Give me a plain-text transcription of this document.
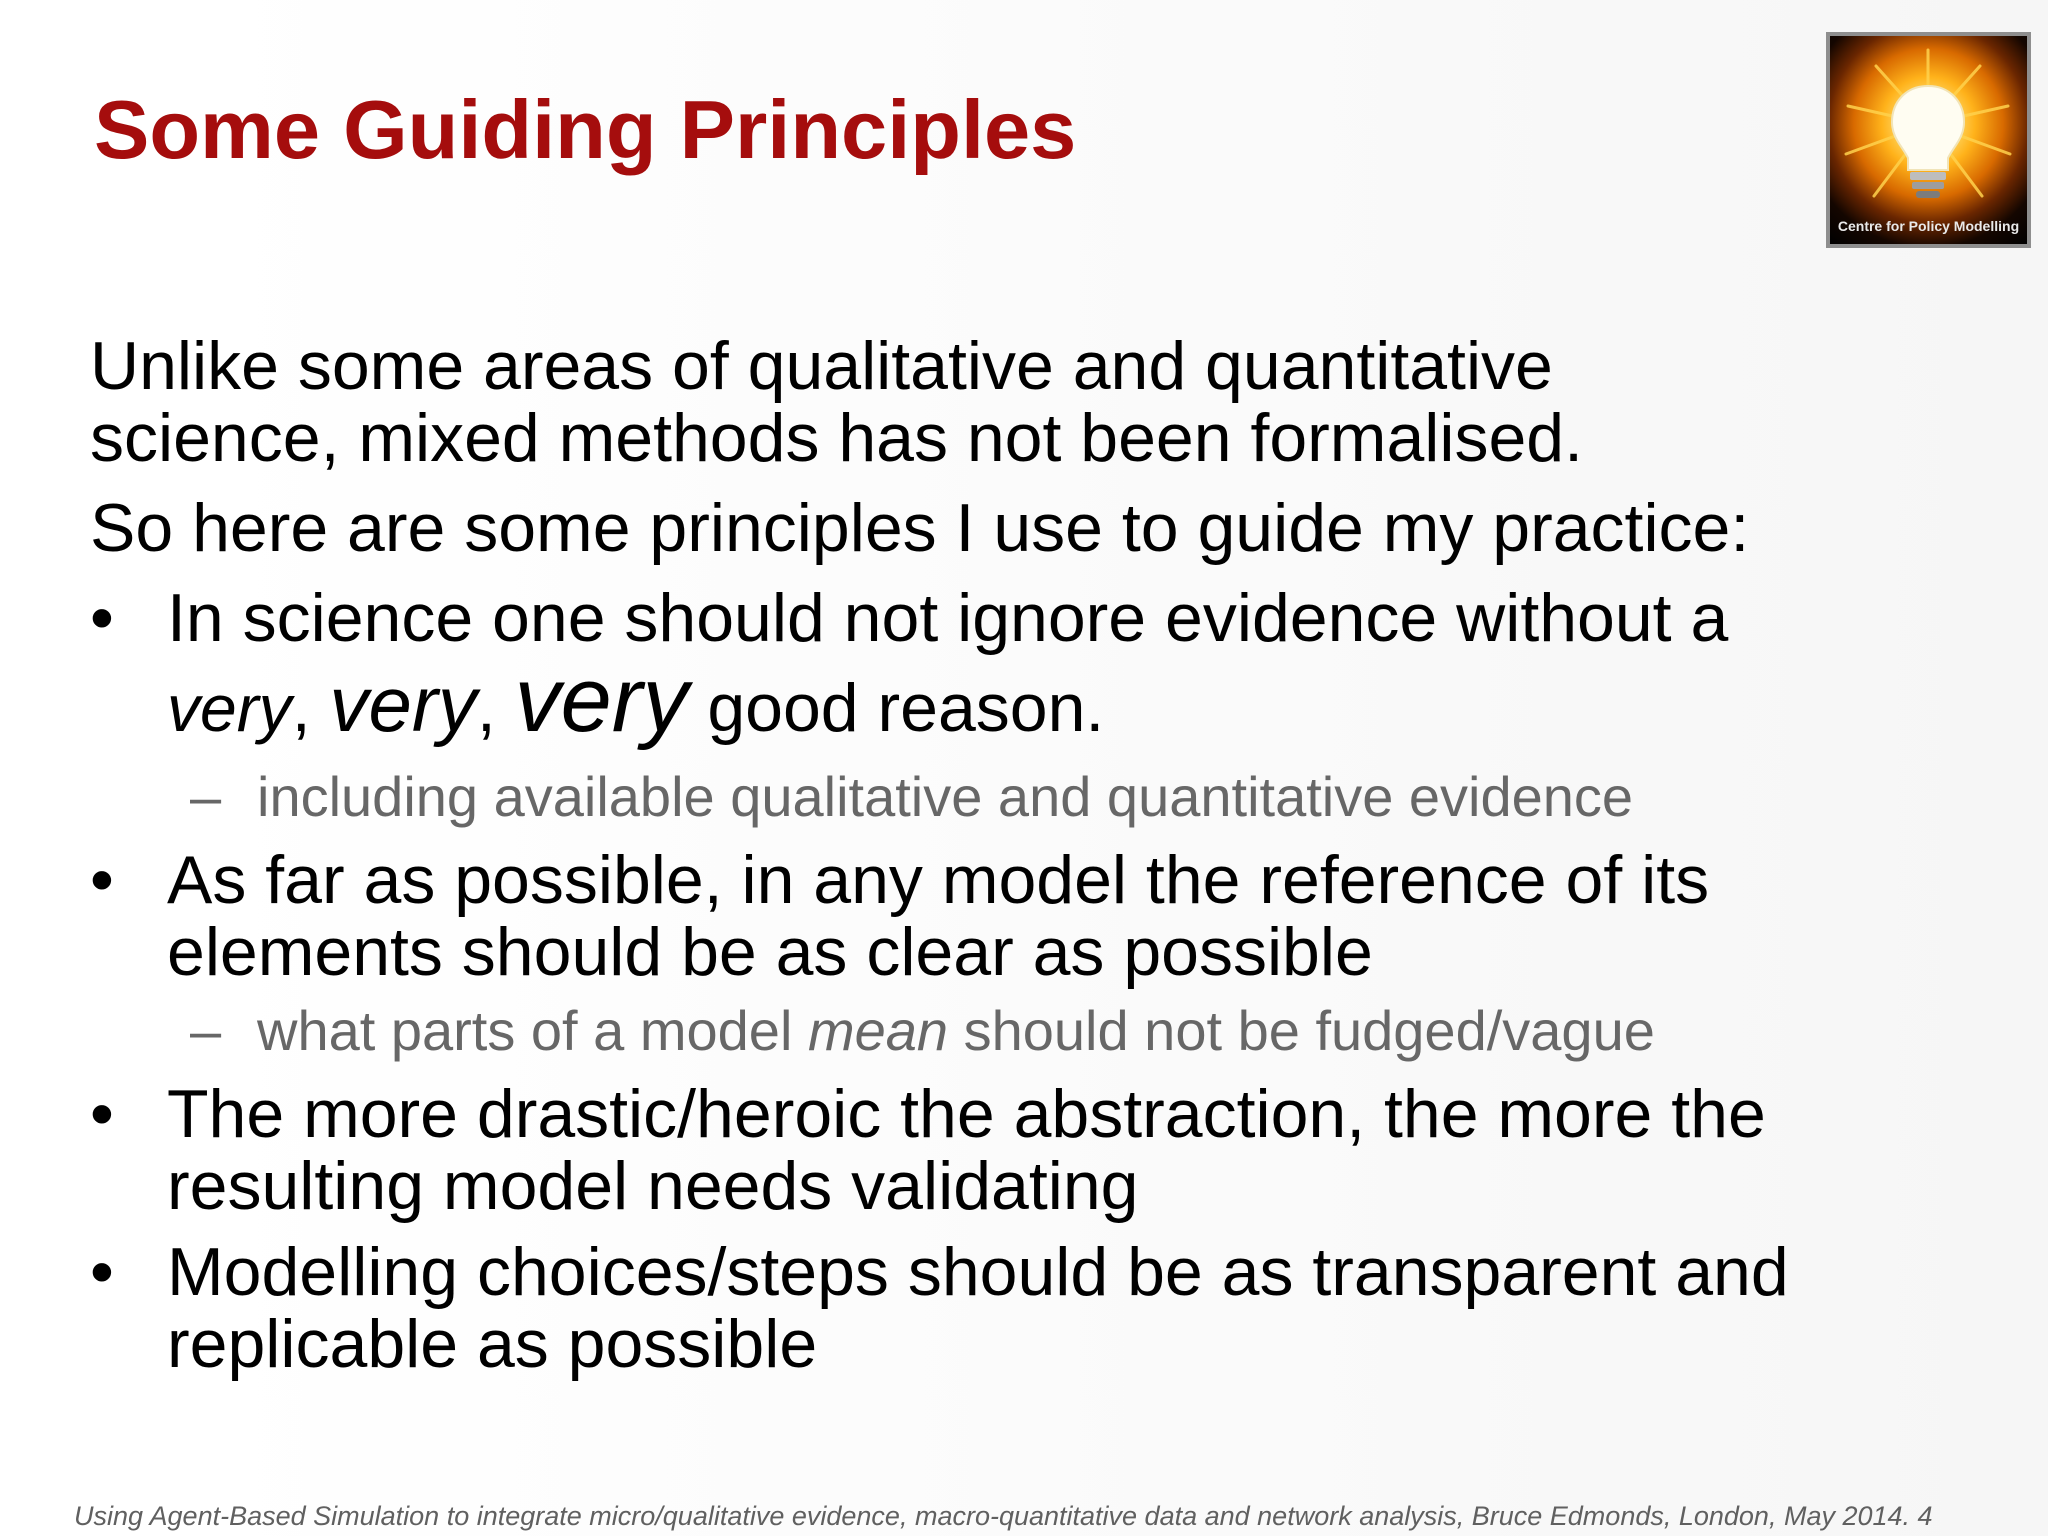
Some Guiding Principles
Centre for Policy Modelling
Unlike some areas of qualitative and quantitative
science, mixed methods has not been formalised.
So here are some principles I use to guide my practice:
• In science one should not ignore evidence without a
very, very, very good reason.
– including available qualitative and quantitative evidence
• As far as possible, in any model the reference of its
elements should be as clear as possible
– what parts of a model mean should not be fudged/vague
• The more drastic/heroic the abstraction, the more the
resulting model needs validating
• Modelling choices/steps should be as transparent and
replicable as possible
Using Agent-Based Simulation to integrate micro/qualitative evidence, macro-quantitative data and network analysis, Bruce Edmonds, London, May 2014. 4
